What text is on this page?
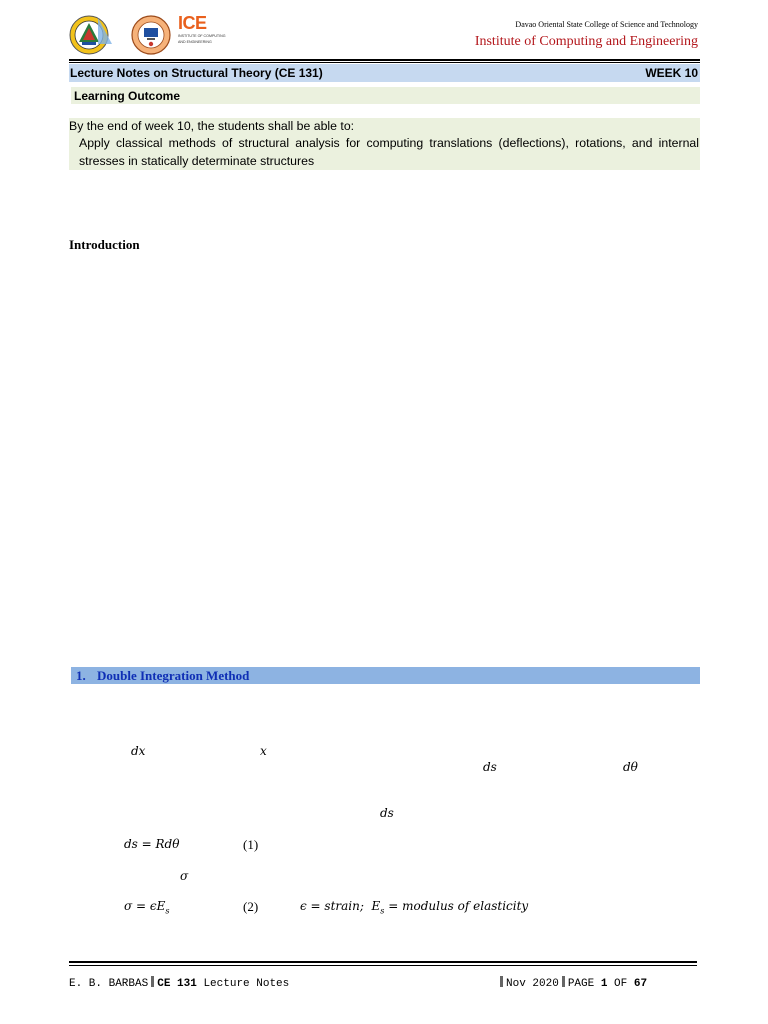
ICE
INSTITUTE OF COMPUTING
AND ENGINEERING
Davao Oriental State College of Science and Technology
Institute of Computing and Engineering
Lecture Notes on Structural Theory (CE 131)	WEEK 10
Learning Outcome
By the end of week 10, the students shall be able to:
Apply classical methods of structural analysis for computing translations (deflections), rotations, and internal stresses in statically determinate structures
Introduction
1. Double Integration Method
dx	x
ds	dθ
ds
ds = Rdθ	(1)
σ
$\sigma = \epsilon E_s$	(2)	ϵ = strain; $E_s$ = modulus of elasticity
E. B. BARBAS CE 131 Lecture Notes	Nov 2020 PAGE 1 OF 67
